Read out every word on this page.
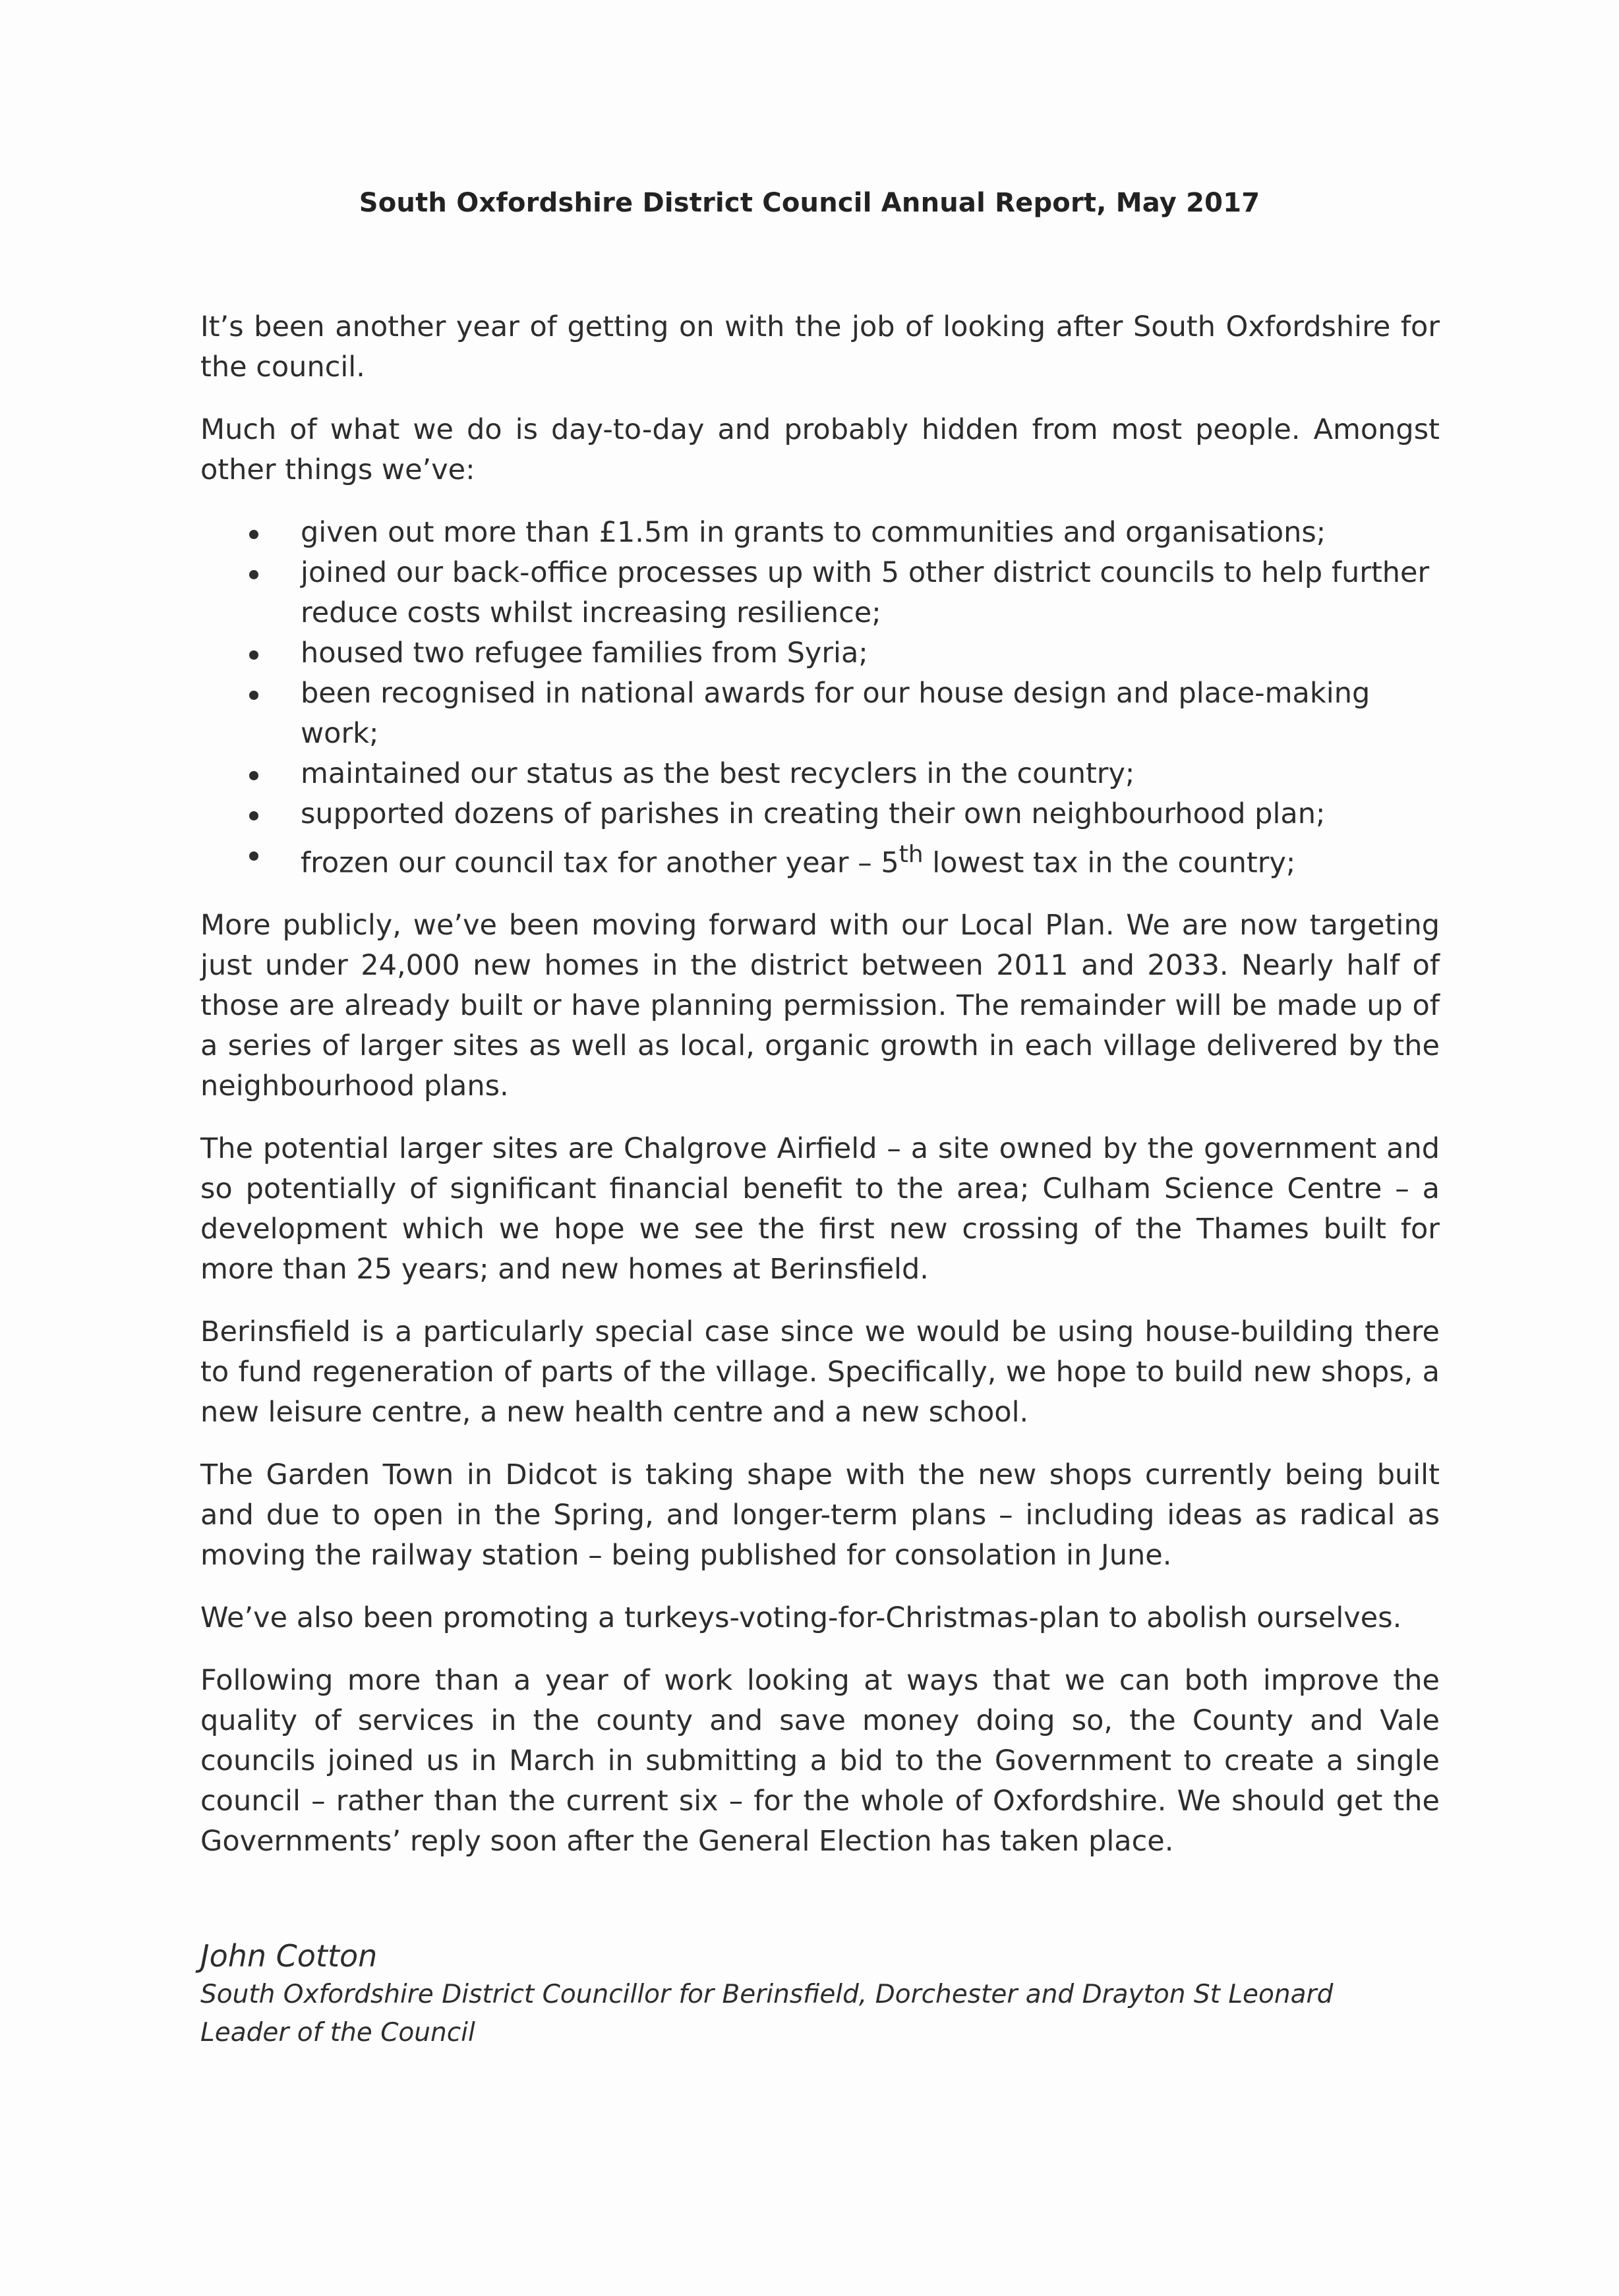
South Oxfordshire District Council Annual Report, May 2017

It’s been another year of getting on with the job of looking after South Oxfordshire for the council.

Much of what we do is day-to-day and probably hidden from most people. Amongst other things we’ve:

given out more than £1.5m in grants to communities and organisations;
joined our back-office processes up with 5 other district councils to help further reduce costs whilst increasing resilience;
housed two refugee families from Syria;
been recognised in national awards for our house design and place-making work;
maintained our status as the best recyclers in the country;
supported dozens of parishes in creating their own neighbourhood plan;
frozen our council tax for another year – 5th lowest tax in the country;

More publicly, we’ve been moving forward with our Local Plan. We are now targeting just under 24,000 new homes in the district between 2011 and 2033. Nearly half of those are already built or have planning permission. The remainder will be made up of a series of larger sites as well as local, organic growth in each village delivered by the neighbourhood plans.

The potential larger sites are Chalgrove Airfield – a site owned by the government and so potentially of significant financial benefit to the area; Culham Science Centre – a development which we hope we see the first new crossing of the Thames built for more than 25 years; and new homes at Berinsfield.

Berinsfield is a particularly special case since we would be using house-building there to fund regeneration of parts of the village. Specifically, we hope to build new shops, a new leisure centre, a new health centre and a new school.

The Garden Town in Didcot is taking shape with the new shops currently being built and due to open in the Spring, and longer-term plans – including ideas as radical as moving the railway station – being published for consolation in June.

We’ve also been promoting a turkeys-voting-for-Christmas-plan to abolish ourselves.

Following more than a year of work looking at ways that we can both improve the quality of services in the county and save money doing so, the County and Vale councils joined us in March in submitting a bid to the Government to create a single council – rather than the current six – for the whole of Oxfordshire. We should get the Governments’ reply soon after the General Election has taken place.

John Cotton
South Oxfordshire District Councillor for Berinsfield, Dorchester and Drayton St Leonard
Leader of the Council
